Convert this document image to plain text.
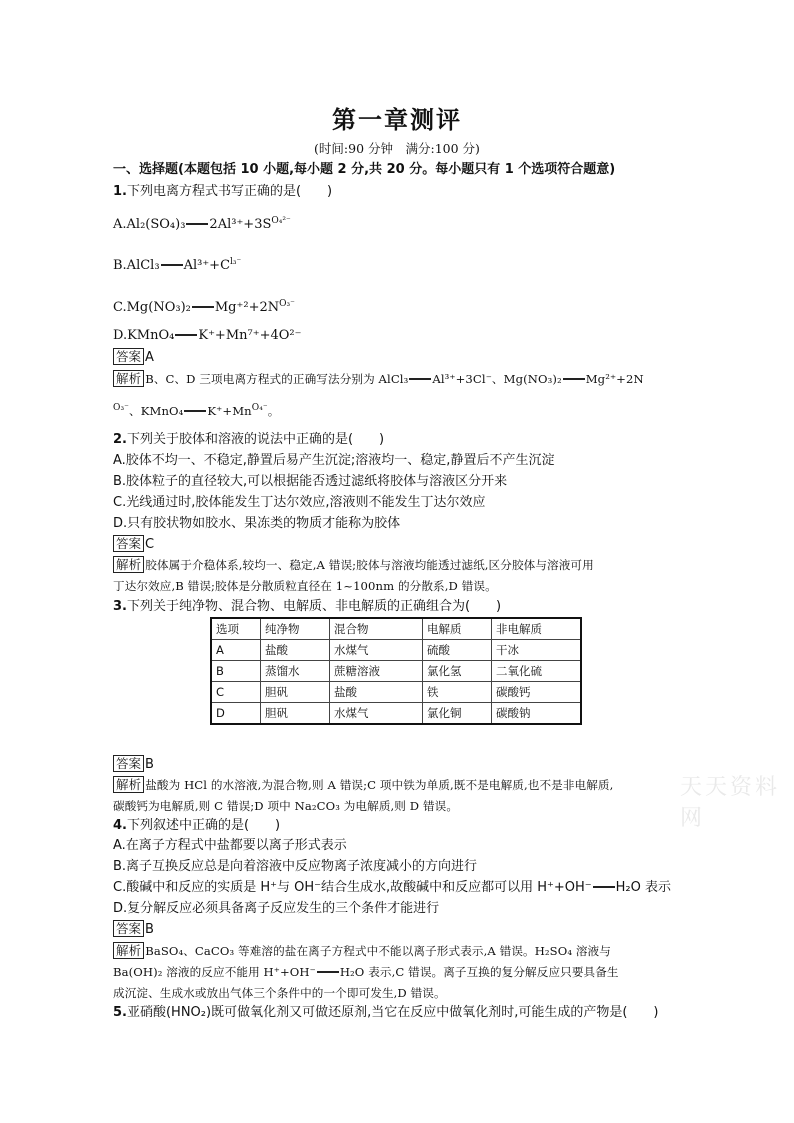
第一章测评
(时间:90 分钟　满分:100 分)
一、选择题(本题包括 10 小题,每小题 2 分,共 20 分。每小题只有 1 个选项符合题意)
1.下列电离方程式书写正确的是(　　)
A.Al₂(SO₄)₃ $2Al^{3+}+3S^{O_4^{2-}}$
B.AlCl₃ $Al^{3+}+C^{l_3^-}$
C.Mg(NO₃)₂ $Mg^{+2}+2N^{O_3^-}$
D.KMnO₄ K⁺+Mn⁷⁺+4O²⁻
答案 A
解析 B、C、D 三项电离方程式的正确写法分别为 AlCl₃ Al³⁺+3Cl⁻、Mg(NO₃)₂ Mg²⁺+2N
$^{O_3^-}$、KMnO₄ $K^++Mn^{O_4^-}$。
2.下列关于胶体和溶液的说法中正确的是(　　)
A.胶体不均一、不稳定,静置后易产生沉淀;溶液均一、稳定,静置后不产生沉淀
B.胶体粒子的直径较大,可以根据能否透过滤纸将胶体与溶液区分开来
C.光线通过时,胶体能发生丁达尔效应,溶液则不能发生丁达尔效应
D.只有胶状物如胶水、果冻类的物质才能称为胶体
答案 C
解析 胶体属于介稳体系,较均一、稳定,A 错误;胶体与溶液均能透过滤纸,区分胶体与溶液可用
丁达尔效应,B 错误;胶体是分散质粒直径在 1~100nm 的分散系,D 错误。
3.下列关于纯净物、混合物、电解质、非电解质的正确组合为(　　)
选项	纯净物	混合物	电解质	非电解质
A	盐酸	水煤气	硫酸	干冰
B	蒸馏水	蔗糖溶液	氯化氢	二氧化硫
C	胆矾	盐酸	铁	碳酸钙
D	胆矾	水煤气	氯化铜	碳酸钠
答案 B
解析 盐酸为 HCl 的水溶液,为混合物,则 A 错误;C 项中铁为单质,既不是电解质,也不是非电解质,
碳酸钙为电解质,则 C 错误;D 项中 Na₂CO₃ 为电解质,则 D 错误。
天天资料网
4.下列叙述中正确的是(　　)
A.在离子方程式中盐都要以离子形式表示
B.离子互换反应总是向着溶液中反应物离子浓度减小的方向进行
C.酸碱中和反应的实质是 H⁺与 OH⁻结合生成水,故酸碱中和反应都可以用 H⁺+OH⁻ H₂O 表示
D.复分解反应必须具备离子反应发生的三个条件才能进行
答案 B
解析 BaSO₄、CaCO₃ 等难溶的盐在离子方程式中不能以离子形式表示,A 错误。H₂SO₄ 溶液与
Ba(OH)₂ 溶液的反应不能用 H⁺+OH⁻ H₂O 表示,C 错误。离子互换的复分解反应只要具备生
成沉淀、生成水或放出气体三个条件中的一个即可发生,D 错误。
5.亚硝酸(HNO₂)既可做氧化剂又可做还原剂,当它在反应中做氧化剂时,可能生成的产物是(　　)
